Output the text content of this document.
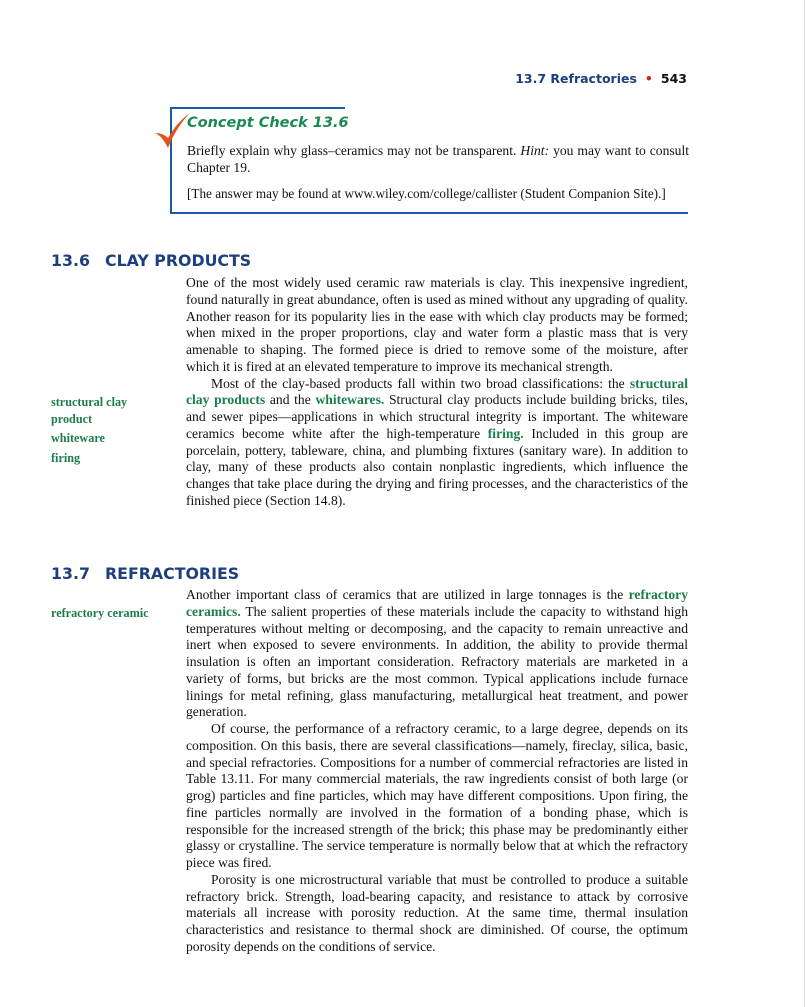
13.7 Refractories • 543
Concept Check 13.6
Briefly explain why glass–ceramics may not be transparent. Hint: you may want to consult Chapter 19.
[The answer may be found at www.wiley.com/college/callister (Student Companion Site).]
13.6 CLAY PRODUCTS

One of the most widely used ceramic raw materials is clay. This inexpensive ingredient, found naturally in great abundance, often is used as mined without any upgrading of quality. Another reason for its popularity lies in the ease with which clay products may be formed; when mixed in the proper proportions, clay and water form a plastic mass that is very amenable to shaping. The formed piece is dried to remove some of the moisture, after which it is fired at an elevated temperature to improve its mechanical strength.

Most of the clay-based products fall within two broad classifications: the structural clay products and the whitewares. Structural clay products include building bricks, tiles, and sewer pipes—applications in which structural integrity is important. The whiteware ceramics become white after the high-temperature firing. Included in this group are porcelain, pottery, tableware, china, and plumbing fixtures (sanitary ware). In addition to clay, many of these products also contain nonplastic ingredients, which influence the changes that take place during the drying and firing processes, and the characteristics of the finished piece (Section 14.8).

structural clay
product
whiteware
firing
13.7 REFRACTORIES

Another important class of ceramics that are utilized in large tonnages is the refractory ceramics. The salient properties of these materials include the capacity to withstand high temperatures without melting or decomposing, and the capacity to remain unreactive and inert when exposed to severe environments. In addition, the ability to provide thermal insulation is often an important consideration. Refractory materials are marketed in a variety of forms, but bricks are the most common. Typical applications include furnace linings for metal refining, glass manufacturing, metallurgical heat treatment, and power generation.

Of course, the performance of a refractory ceramic, to a large degree, depends on its composition. On this basis, there are several classifications—namely, fireclay, silica, basic, and special refractories. Compositions for a number of commercial refractories are listed in Table 13.11. For many commercial materials, the raw ingredients consist of both large (or grog) particles and fine particles, which may have different compositions. Upon firing, the fine particles normally are involved in the formation of a bonding phase, which is responsible for the increased strength of the brick; this phase may be predominantly either glassy or crystalline. The service temperature is normally below that at which the refractory piece was fired.

Porosity is one microstructural variable that must be controlled to produce a suitable refractory brick. Strength, load-bearing capacity, and resistance to attack by corrosive materials all increase with porosity reduction. At the same time, thermal insulation characteristics and resistance to thermal shock are diminished. Of course, the optimum porosity depends on the conditions of service.

refractory ceramic
